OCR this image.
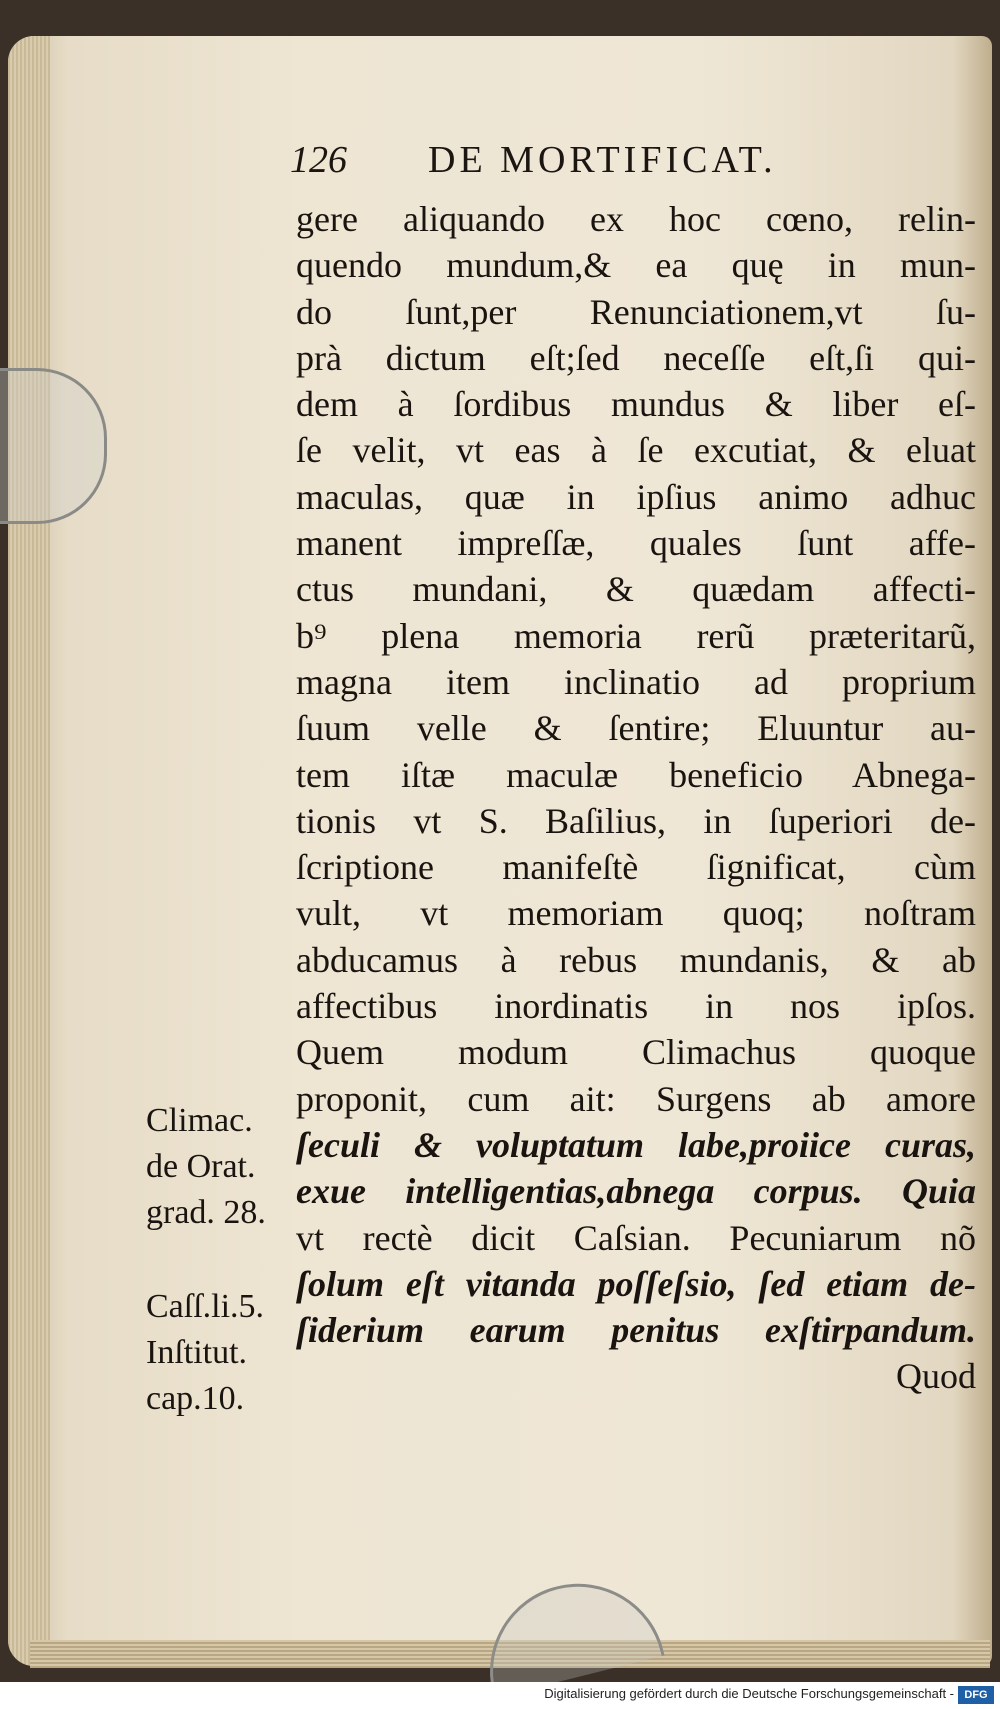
126 DE MORTIFICAT.
gere aliquando ex hoc cœno, relin-
quendo mundum,& ea quę in mun-
do ſunt,per Renunciationem,vt ſu-
prà dictum eſt;ſed neceſſe eſt,ſi qui-
dem à ſordibus mundus & liber eſ-
ſe velit, vt eas à ſe excutiat, & eluat
maculas, quæ in ipſius animo adhuc
manent impreſſæ, quales ſunt affe-
ctus mundani, & quædam affecti-
b⁹ plena memoria rerũ præteritarũ,
magna item inclinatio ad proprium
ſuum velle & ſentire; Eluuntur au-
tem iſtæ maculæ beneficio Abnega-
tionis vt S. Baſilius, in ſuperiori de-
ſcriptione manifeſtè ſignificat, cùm
vult, vt memoriam quoq; noſtram
abducamus à rebus mundanis, & ab
affectibus inordinatis in nos ipſos.
Quem modum Climachus quoque
proponit, cum ait: Surgens ab amore
ſeculi & voluptatum labe,proiice curas,
exue intelligentias,abnega corpus. Quia
vt rectè dicit Caſsian. Pecuniarum nõ
ſolum eſt vitanda poſſeſsio, ſed etiam de-
ſiderium earum penitus exſtirpandum.
Quod
Climac.
de Orat.
grad. 28.
Caſſ.li.5.
Inſtitut.
cap.10.
Digitalisierung gefördert durch die Deutsche Forschungsgemeinschaft - DFG
